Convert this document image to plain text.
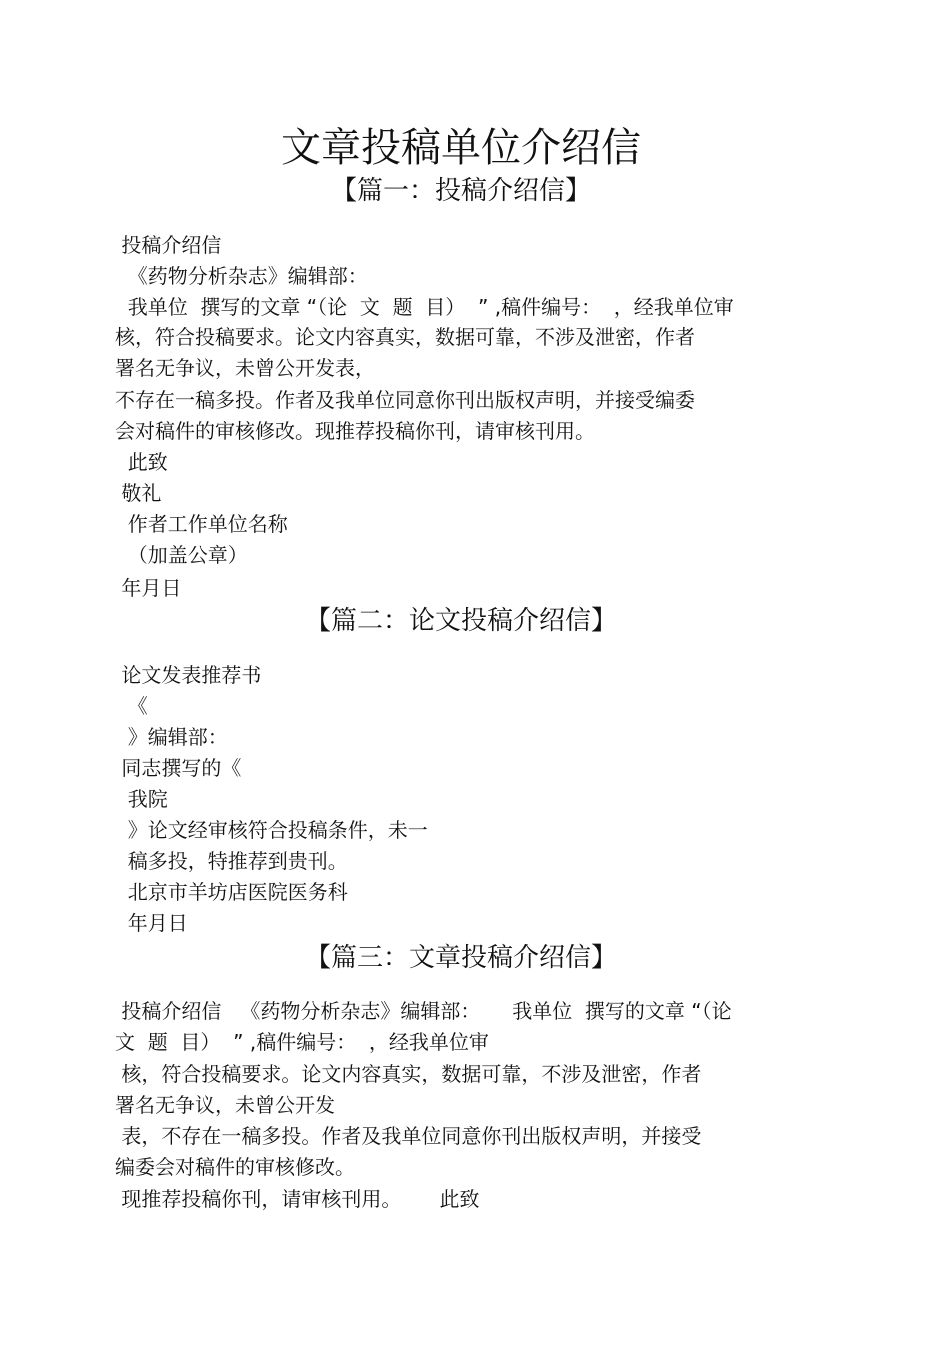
文章投稿单位介绍信
【篇一：投稿介绍信】

投稿介绍信

《药物分析杂志》编辑部：

我单位  撰写的文章 “（论  文  题  目）  ” ,稿件编号：  ，经我单位审

核，符合投稿要求。论文内容真实，数据可靠，不涉及泄密，作者

署名无争议，未曾公开发表，

不存在一稿多投。作者及我单位同意你刊出版权声明，并接受编委

会对稿件的审核修改。现推荐投稿你刊，请审核刊用。

此致

敬礼

作者工作单位名称

（加盖公章）

年月日

【篇二：论文投稿介绍信】

论文发表推荐书

《

》编辑部：

同志撰写的《

我院

》论文经审核符合投稿条件，未一

稿多投，特推荐到贵刊。

北京市羊坊店医院医务科

年月日

【篇三：文章投稿介绍信】

投稿介绍信   《药物分析杂志》编辑部：     我单位  撰写的文章 “（论

文  题  目）  ” ,稿件编号：  ，经我单位审

核，符合投稿要求。论文内容真实，数据可靠，不涉及泄密，作者

署名无争议，未曾公开发

表，不存在一稿多投。作者及我单位同意你刊出版权声明，并接受

编委会对稿件的审核修改。

现推荐投稿你刊，请审核刊用。      此致
